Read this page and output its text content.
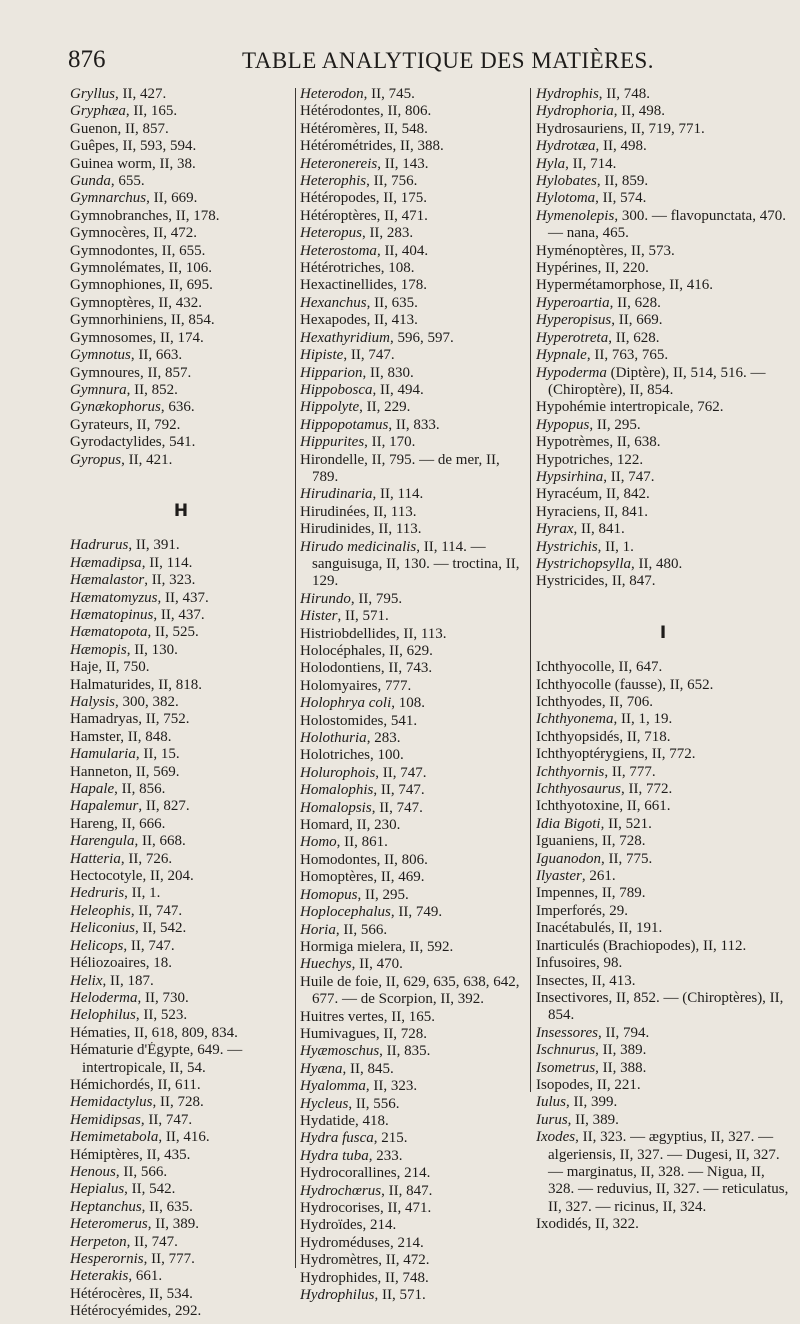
876	TABLE ANALYTIQUE DES MATIÈRES.
Gryllus, II, 427.
Gryphæa, II, 165.
Guenon, II, 857.
Guêpes, II, 593, 594.
Guinea worm, II, 38.
Gunda, 655.
Gymnarchus, II, 669.
Gymnobranches, II, 178.
Gymnocères, II, 472.
Gymnodontes, II, 655.
Gymnolémates, II, 106.
Gymnophiones, II, 695.
Gymnoptères, II, 432.
Gymnorhiniens, II, 854.
Gymnosomes, II, 174.
Gymnotus, II, 663.
Gymnoures, II, 857.
Gymnura, II, 852.
Gynækophorus, 636.
Gyrateurs, II, 792.
Gyrodactylides, 541.
Gyropus, II, 421.
H
Hadrurus, II, 391.
Hæmadipsa, II, 114.
Hæmalastor, II, 323.
Hæmatomyzus, II, 437.
Hæmatopinus, II, 437.
Hæmatopota, II, 525.
Hæmopis, II, 130.
Haje, II, 750.
Halmaturides, II, 818.
Halysis, 300, 382.
Hamadryas, II, 752.
Hamster, II, 848.
Hamularia, II, 15.
Hanneton, II, 569.
Hapale, II, 856.
Hapalemur, II, 827.
Hareng, II, 666.
Harengula, II, 668.
Hatteria, II, 726.
Hectocotyle, II, 204.
Hedruris, II, 1.
Heleophis, II, 747.
Heliconius, II, 542.
Helicops, II, 747.
Héliozoaires, 18.
Helix, II, 187.
Heloderma, II, 730.
Helophilus, II, 523.
Hématies, II, 618, 809, 834.
Hématurie d'Égypte, 649. — intertropicale, II, 54.
Hémichordés, II, 611.
Hemidactylus, II, 728.
Hemidipsas, II, 747.
Hemimetabola, II, 416.
Hémiptères, II, 435.
Henous, II, 566.
Hepialus, II, 542.
Heptanchus, II, 635.
Heteromerus, II, 389.
Herpeton, II, 747.
Hesperornis, II, 777.
Heterakis, 661.
Hétérocères, II, 534.
Hétérocyémides, 292.
Heterodon, II, 745.
Hétérodontes, II, 806.
Hétéromères, II, 548.
Hétérométrides, II, 388.
Heteronereis, II, 143.
Heterophis, II, 756.
Hétéropodes, II, 175.
Hétéroptères, II, 471.
Heteropus, II, 283.
Heterostoma, II, 404.
Hétérotriches, 108.
Hexactinellides, 178.
Hexanchus, II, 635.
Hexapodes, II, 413.
Hexathyridium, 596, 597.
Hipiste, II, 747.
Hipparion, II, 830.
Hippobosca, II, 494.
Hippolyte, II, 229.
Hippopotamus, II, 833.
Hippurites, II, 170.
Hirondelle, II, 795. — de mer, II, 789.
Hirudinaria, II, 114.
Hirudinées, II, 113.
Hirudinides, II, 113.
Hirudo medicinalis, II, 114. — sanguisuga, II, 130. — troctina, II, 129.
Hirundo, II, 795.
Hister, II, 571.
Histriobdellides, II, 113.
Holocéphales, II, 629.
Holodontiens, II, 743.
Holomyaires, 777.
Holophrya coli, 108.
Holostomides, 541.
Holothuria, 283.
Holotriches, 100.
Holurophois, II, 747.
Homalophis, II, 747.
Homalopsis, II, 747.
Homard, II, 230.
Homo, II, 861.
Homodontes, II, 806.
Homoptères, II, 469.
Homopus, II, 295.
Hoplocephalus, II, 749.
Horia, II, 566.
Hormiga mielera, II, 592.
Huechys, II, 470.
Huile de foie, II, 629, 635, 638, 642, 677. — de Scorpion, II, 392.
Huitres vertes, II, 165.
Humivagues, II, 728.
Hyæmoschus, II, 835.
Hyæna, II, 845.
Hyalomma, II, 323.
Hycleus, II, 556.
Hydatide, 418.
Hydra fusca, 215.
Hydra tuba, 233.
Hydrocorallines, 214.
Hydrochœrus, II, 847.
Hydrocorises, II, 471.
Hydroïdes, 214.
Hydroméduses, 214.
Hydromètres, II, 472.
Hydrophides, II, 748.
Hydrophilus, II, 571.
Hydrophis, II, 748.
Hydrophoria, II, 498.
Hydrosauriens, II, 719, 771.
Hydrotæa, II, 498.
Hyla, II, 714.
Hylobates, II, 859.
Hylotoma, II, 574.
Hymenolepis, 300. — flavopunctata, 470. — nana, 465.
Hyménoptères, II, 573.
Hypérines, II, 220.
Hypermétamorphose, II, 416.
Hyperoartia, II, 628.
Hyperopisus, II, 669.
Hyperotreta, II, 628.
Hypnale, II, 763, 765.
Hypoderma (Diptère), II, 514, 516. — (Chiroptère), II, 854.
Hypohémie intertropicale, 762.
Hypopus, II, 295.
Hypotrèmes, II, 638.
Hypotriches, 122.
Hypsirhina, II, 747.
Hyracéum, II, 842.
Hyraciens, II, 841.
Hyrax, II, 841.
Hystrichis, II, 1.
Hystrichopsylla, II, 480.
Hystricides, II, 847.
I
Ichthyocolle, II, 647.
Ichthyocolle (fausse), II, 652.
Ichthyodes, II, 706.
Ichthyonema, II, 1, 19.
Ichthyopsidés, II, 718.
Ichthyoptérygiens, II, 772.
Ichthyornis, II, 777.
Ichthyosaurus, II, 772.
Ichthyotoxine, II, 661.
Idia Bigoti, II, 521.
Iguaniens, II, 728.
Iguanodon, II, 775.
Ilyaster, 261.
Impennes, II, 789.
Imperforés, 29.
Inacétabulés, II, 191.
Inarticulés (Brachiopodes), II, 112.
Infusoires, 98.
Insectes, II, 413.
Insectivores, II, 852. — (Chiroptères), II, 854.
Insessores, II, 794.
Ischnurus, II, 389.
Isometrus, II, 388.
Isopodes, II, 221.
Iulus, II, 399.
Iurus, II, 389.
Ixodes, II, 323. — ægyptius, II, 327. — algeriensis, II, 327. — Dugesi, II, 327. — marginatus, II, 328. — Nigua, II, 328. — reduvius, II, 327. — reticulatus, II, 327. — ricinus, II, 324.
Ixodidés, II, 322.
